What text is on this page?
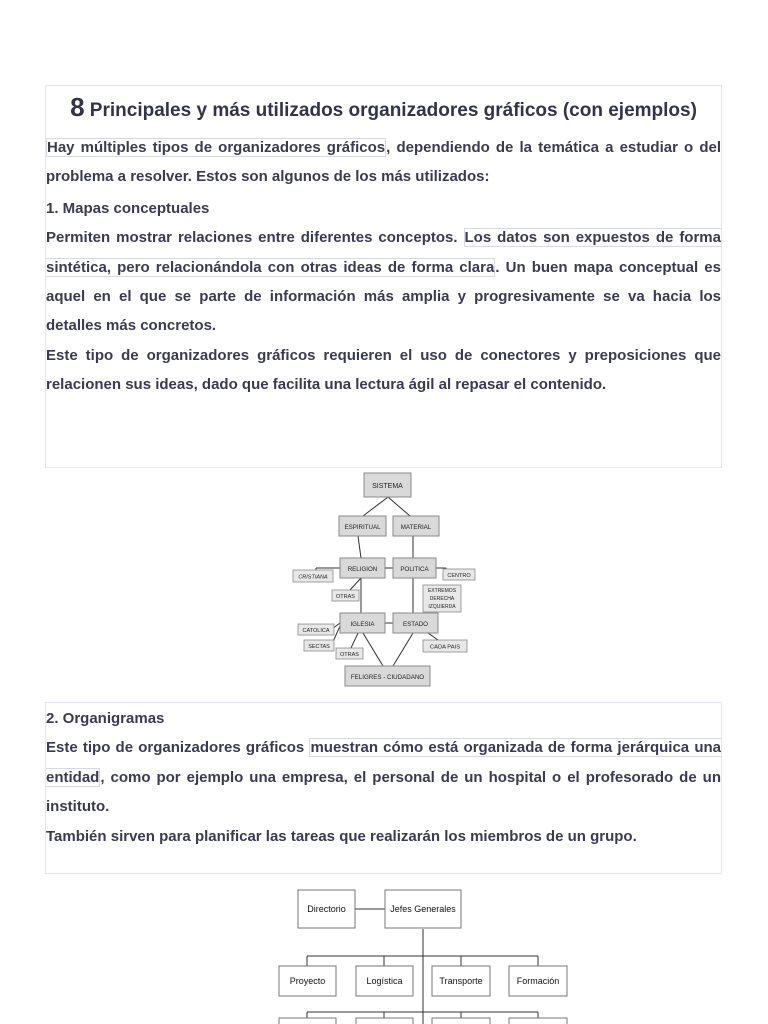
8 Principales y más utilizados organizadores gráficos (con ejemplos)

Hay múltiples tipos de organizadores gráficos, dependiendo de la temática a estudiar o del problema a resolver. Estos son algunos de los más utilizados:

1. Mapas conceptuales

Permiten mostrar relaciones entre diferentes conceptos. Los datos son expuestos de forma sintética, pero relacionándola con otras ideas de forma clara. Un buen mapa conceptual es aquel en el que se parte de información más amplia y progresivamente se va hacia los detalles más concretos.

Este tipo de organizadores gráficos requieren el uso de conectores y preposiciones que relacionen sus ideas, dado que facilita una lectura ágil al repasar el contenido.

SISTEMA
ESPIRITUAL	MATERIAL
RELIGION	POLITICA
CRISTIANA	CENTRO
OTRAS
EXTREMOS
DERECHA
IZQUIERDA
IGLESIA	ESTADO
CATOLICA
SECTAS
OTRAS
CADA PAIS
FELIGRES - CIUDADANO

2. Organigramas

Este tipo de organizadores gráficos muestran cómo está organizada de forma jerárquica una entidad, como por ejemplo una empresa, el personal de un hospital o el profesorado de un instituto.

También sirven para planificar las tareas que realizarán los miembros de un grupo.

Directorio	Jefes Generales
Proyecto	Logística	Transporte	Formación
